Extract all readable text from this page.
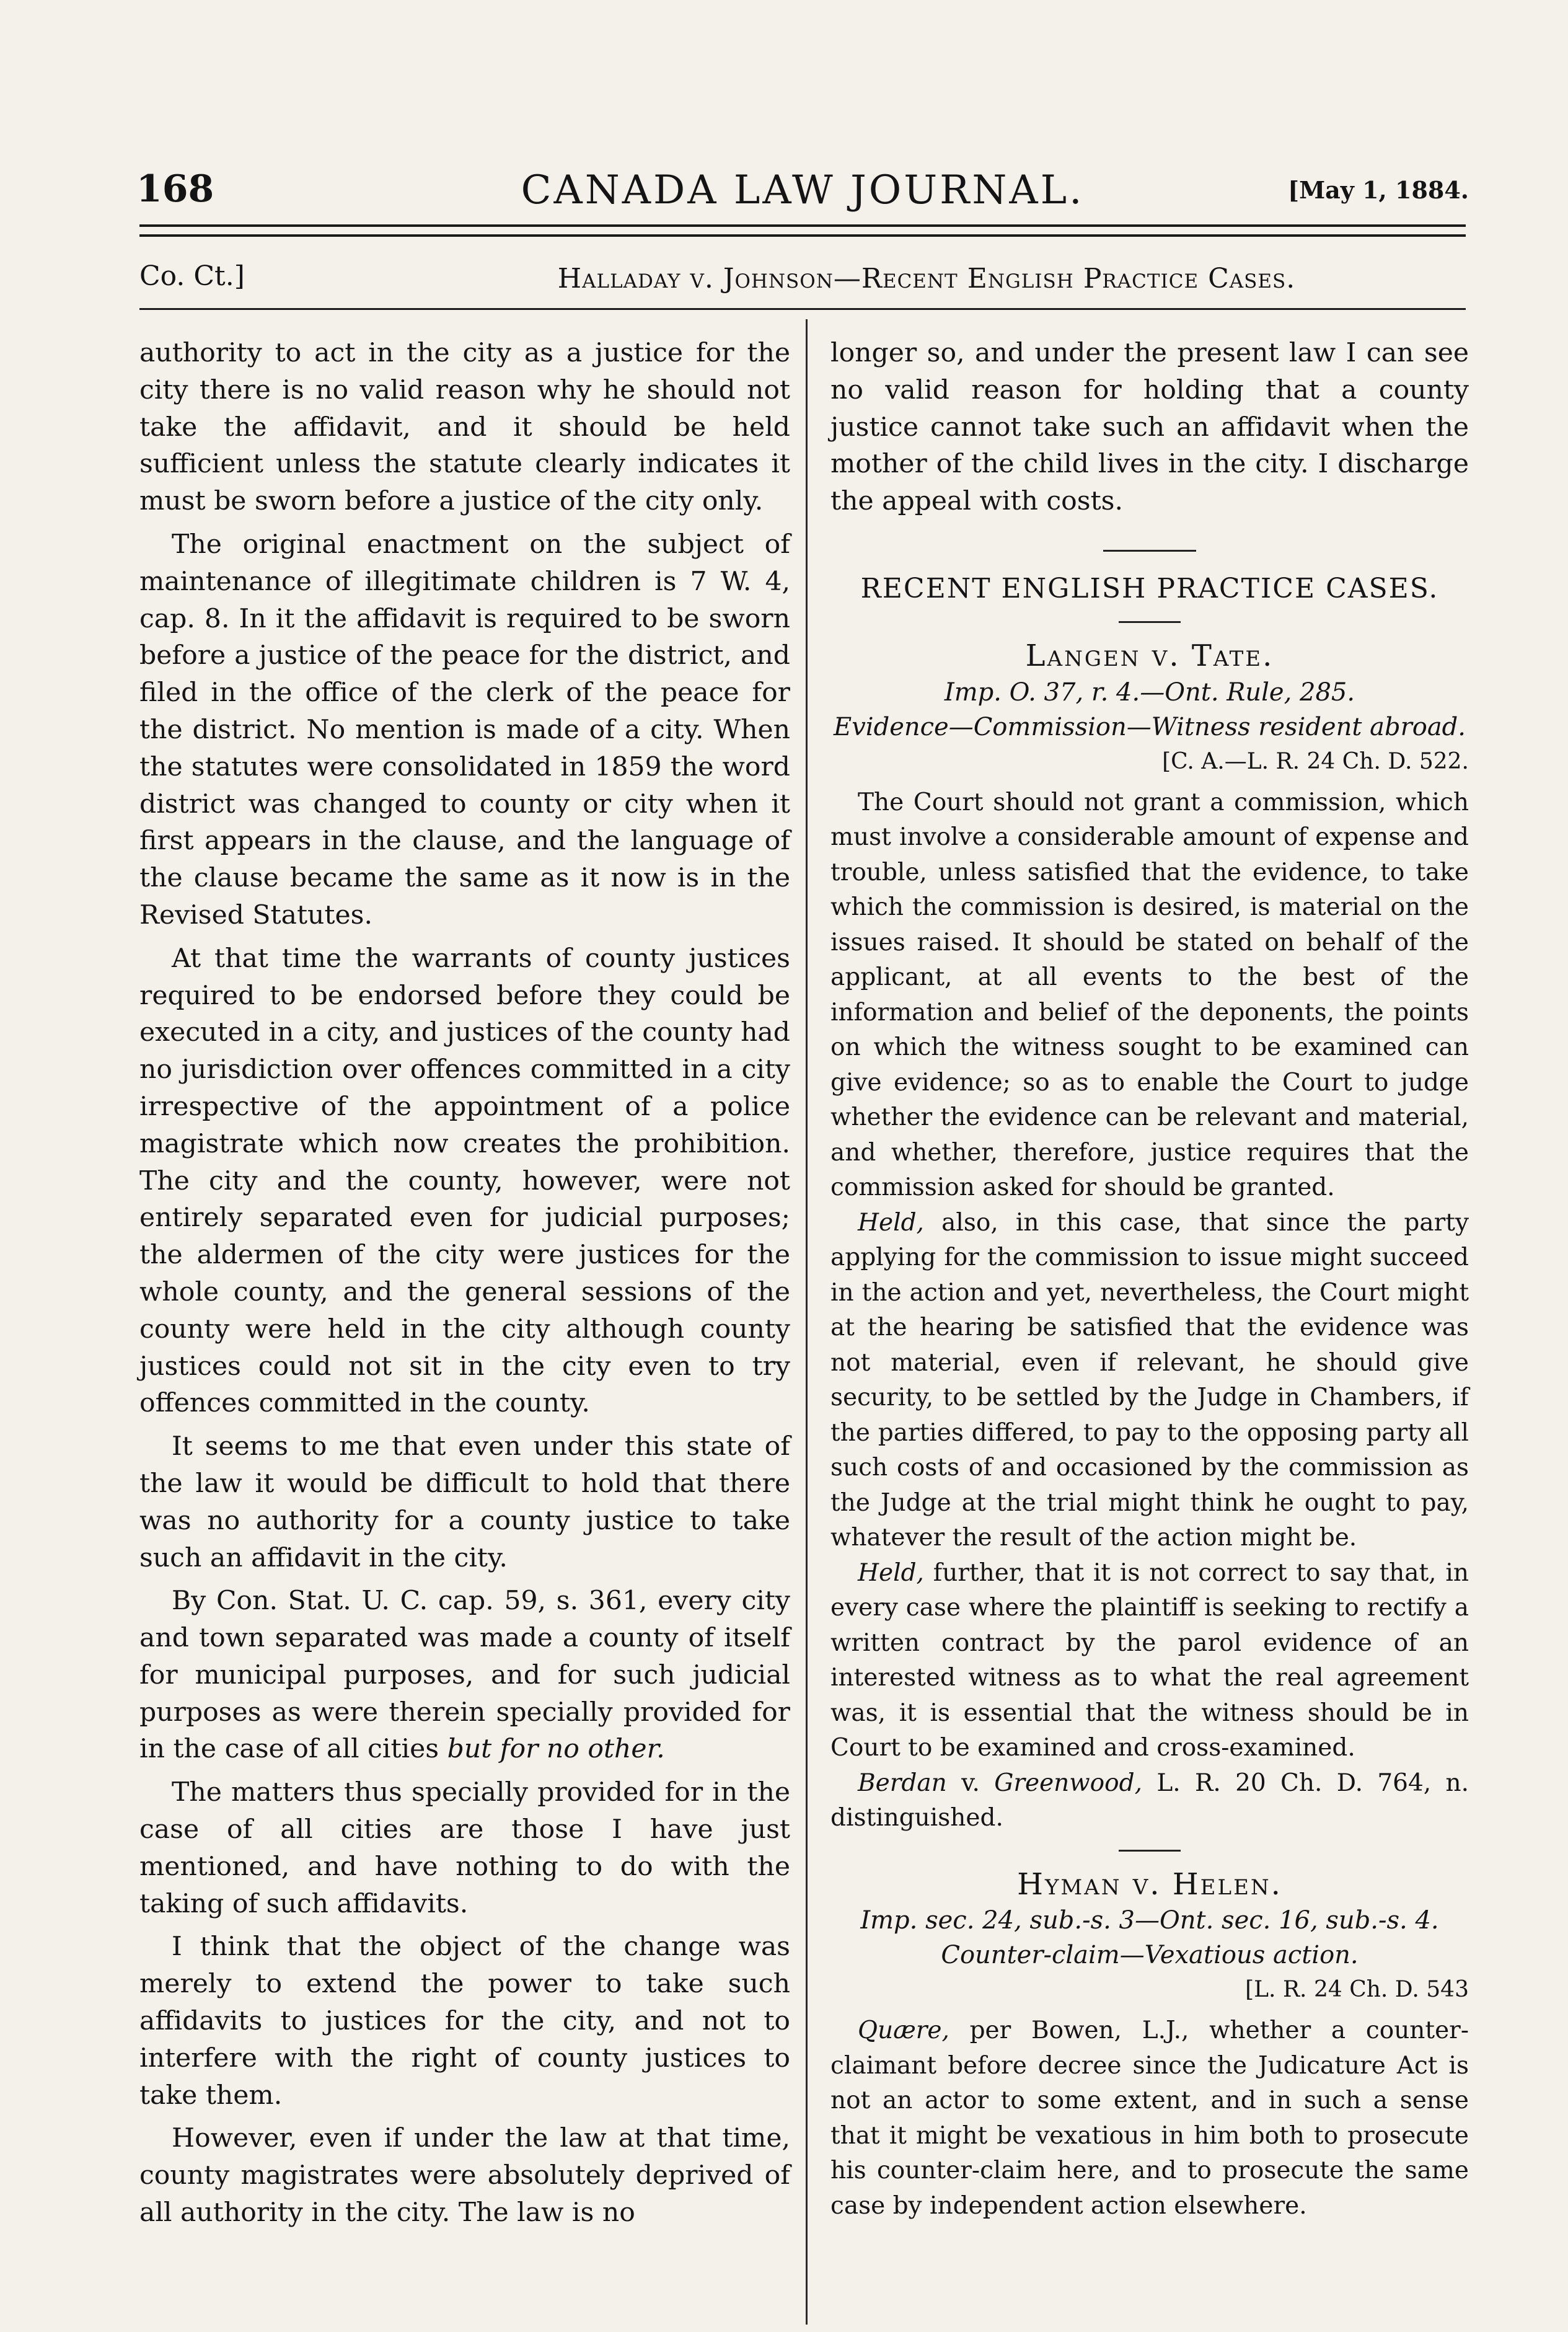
168	CANADA LAW JOURNAL.	[May 1, 1884.
Co. Ct.]	Halladay v. Johnson—Recent English Practice Cases.

authority to act in the city as a justice for the city there is no valid reason why he should not take the affidavit, and it should be held sufficient unless the statute clearly indicates it must be sworn before a justice of the city only.

The original enactment on the subject of maintenance of illegitimate children is 7 W. 4, cap. 8. In it the affidavit is required to be sworn before a justice of the peace for the district, and filed in the office of the clerk of the peace for the district. No mention is made of a city. When the statutes were consolidated in 1859 the word district was changed to county or city when it first appears in the clause, and the language of the clause became the same as it now is in the Revised Statutes.

At that time the warrants of county justices required to be endorsed before they could be executed in a city, and justices of the county had no jurisdiction over offences committed in a city irrespective of the appointment of a police magistrate which now creates the prohibition. The city and the county, however, were not entirely separated even for judicial purposes; the aldermen of the city were justices for the whole county, and the general sessions of the county were held in the city although county justices could not sit in the city even to try offences committed in the county.

It seems to me that even under this state of the law it would be difficult to hold that there was no authority for a county justice to take such an affidavit in the city.

By Con. Stat. U. C. cap. 59, s. 361, every city and town separated was made a county of itself for municipal purposes, and for such judicial purposes as were therein specially provided for in the case of all cities but for no other.

The matters thus specially provided for in the case of all cities are those I have just mentioned, and have nothing to do with the taking of such affidavits.

I think that the object of the change was merely to extend the power to take such affidavits to justices for the city, and not to interfere with the right of county justices to take them.

However, even if under the law at that time, county magistrates were absolutely deprived of all authority in the city. The law is no

longer so, and under the present law I can see no valid reason for holding that a county justice cannot take such an affidavit when the mother of the child lives in the city. I discharge the appeal with costs.

RECENT ENGLISH PRACTICE CASES.
Langen v. Tate.
Imp. O. 37, r. 4.—Ont. Rule, 285.
Evidence—Commission—Witness resident abroad.
[C. A.—L. R. 24 Ch. D. 522.

The Court should not grant a commission, which must involve a considerable amount of expense and trouble, unless satisfied that the evidence, to take which the commission is desired, is material on the issues raised. It should be stated on behalf of the applicant, at all events to the best of the information and belief of the deponents, the points on which the witness sought to be examined can give evidence; so as to enable the Court to judge whether the evidence can be relevant and material, and whether, therefore, justice requires that the commission asked for should be granted.

Held, also, in this case, that since the party applying for the commission to issue might succeed in the action and yet, nevertheless, the Court might at the hearing be satisfied that the evidence was not material, even if relevant, he should give security, to be settled by the Judge in Chambers, if the parties differed, to pay to the opposing party all such costs of and occasioned by the commission as the Judge at the trial might think he ought to pay, whatever the result of the action might be.

Held, further, that it is not correct to say that, in every case where the plaintiff is seeking to rectify a written contract by the parol evidence of an interested witness as to what the real agreement was, it is essential that the witness should be in Court to be examined and cross-examined.

Berdan v. Greenwood, L. R. 20 Ch. D. 764, n. distinguished.

Hyman v. Helen.
Imp. sec. 24, sub.-s. 3—Ont. sec. 16, sub.-s. 4.
Counter-claim—Vexatious action.
[L. R. 24 Ch. D. 543

Quære, per Bowen, L.J., whether a counter-claimant before decree since the Judicature Act is not an actor to some extent, and in such a sense that it might be vexatious in him both to prosecute his counter-claim here, and to prosecute the same case by independent action elsewhere.
